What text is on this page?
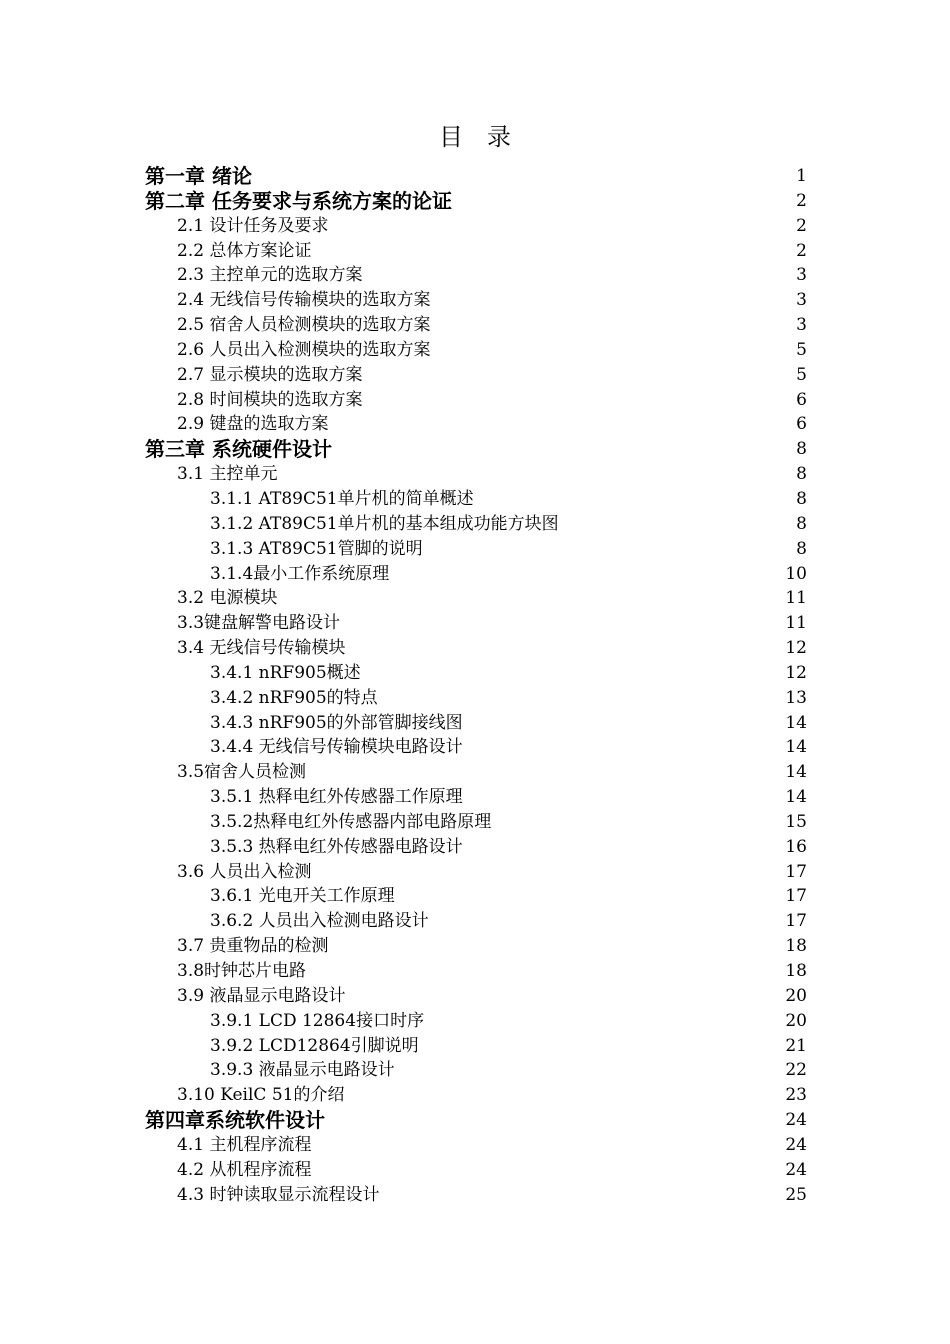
目　录
第一章 绪论	1
第二章 任务要求与系统方案的论证	2
2.1 设计任务及要求	2
2.2 总体方案论证	2
2.3 主控单元的选取方案	3
2.4 无线信号传输模块的选取方案	3
2.5 宿舍人员检测模块的选取方案	3
2.6 人员出入检测模块的选取方案	5
2.7 显示模块的选取方案	5
2.8 时间模块的选取方案	6
2.9 键盘的选取方案	6
第三章 系统硬件设计	8
3.1 主控单元	8
3.1.1 AT89C51单片机的简单概述	8
3.1.2 AT89C51单片机的基本组成功能方块图	8
3.1.3 AT89C51管脚的说明	8
3.1.4最小工作系统原理	10
3.2 电源模块	11
3.3键盘解警电路设计	11
3.4 无线信号传输模块	12
3.4.1 nRF905概述	12
3.4.2 nRF905的特点	13
3.4.3 nRF905的外部管脚接线图	14
3.4.4 无线信号传输模块电路设计	14
3.5宿舍人员检测	14
3.5.1 热释电红外传感器工作原理	14
3.5.2热释电红外传感器内部电路原理	15
3.5.3 热释电红外传感器电路设计	16
3.6 人员出入检测	17
3.6.1 光电开关工作原理	17
3.6.2 人员出入检测电路设计	17
3.7 贵重物品的检测	18
3.8时钟芯片电路	18
3.9 液晶显示电路设计	20
3.9.1 LCD 12864接口时序	20
3.9.2 LCD12864引脚说明	21
3.9.3 液晶显示电路设计	22
3.10 KeilC 51的介绍	23
第四章系统软件设计	24
4.1 主机程序流程	24
4.2 从机程序流程	24
4.3 时钟读取显示流程设计	25
